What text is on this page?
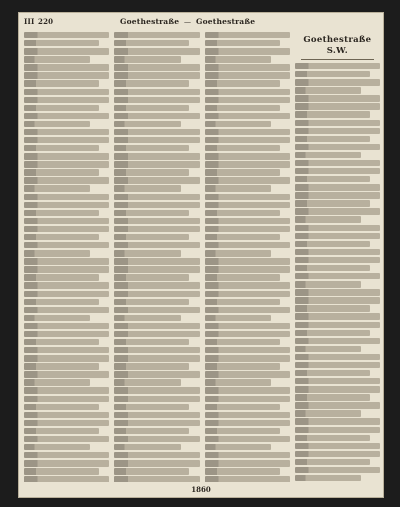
III 220	Goethestraße — Goethestraße
Goethestraße S.W.
1860
